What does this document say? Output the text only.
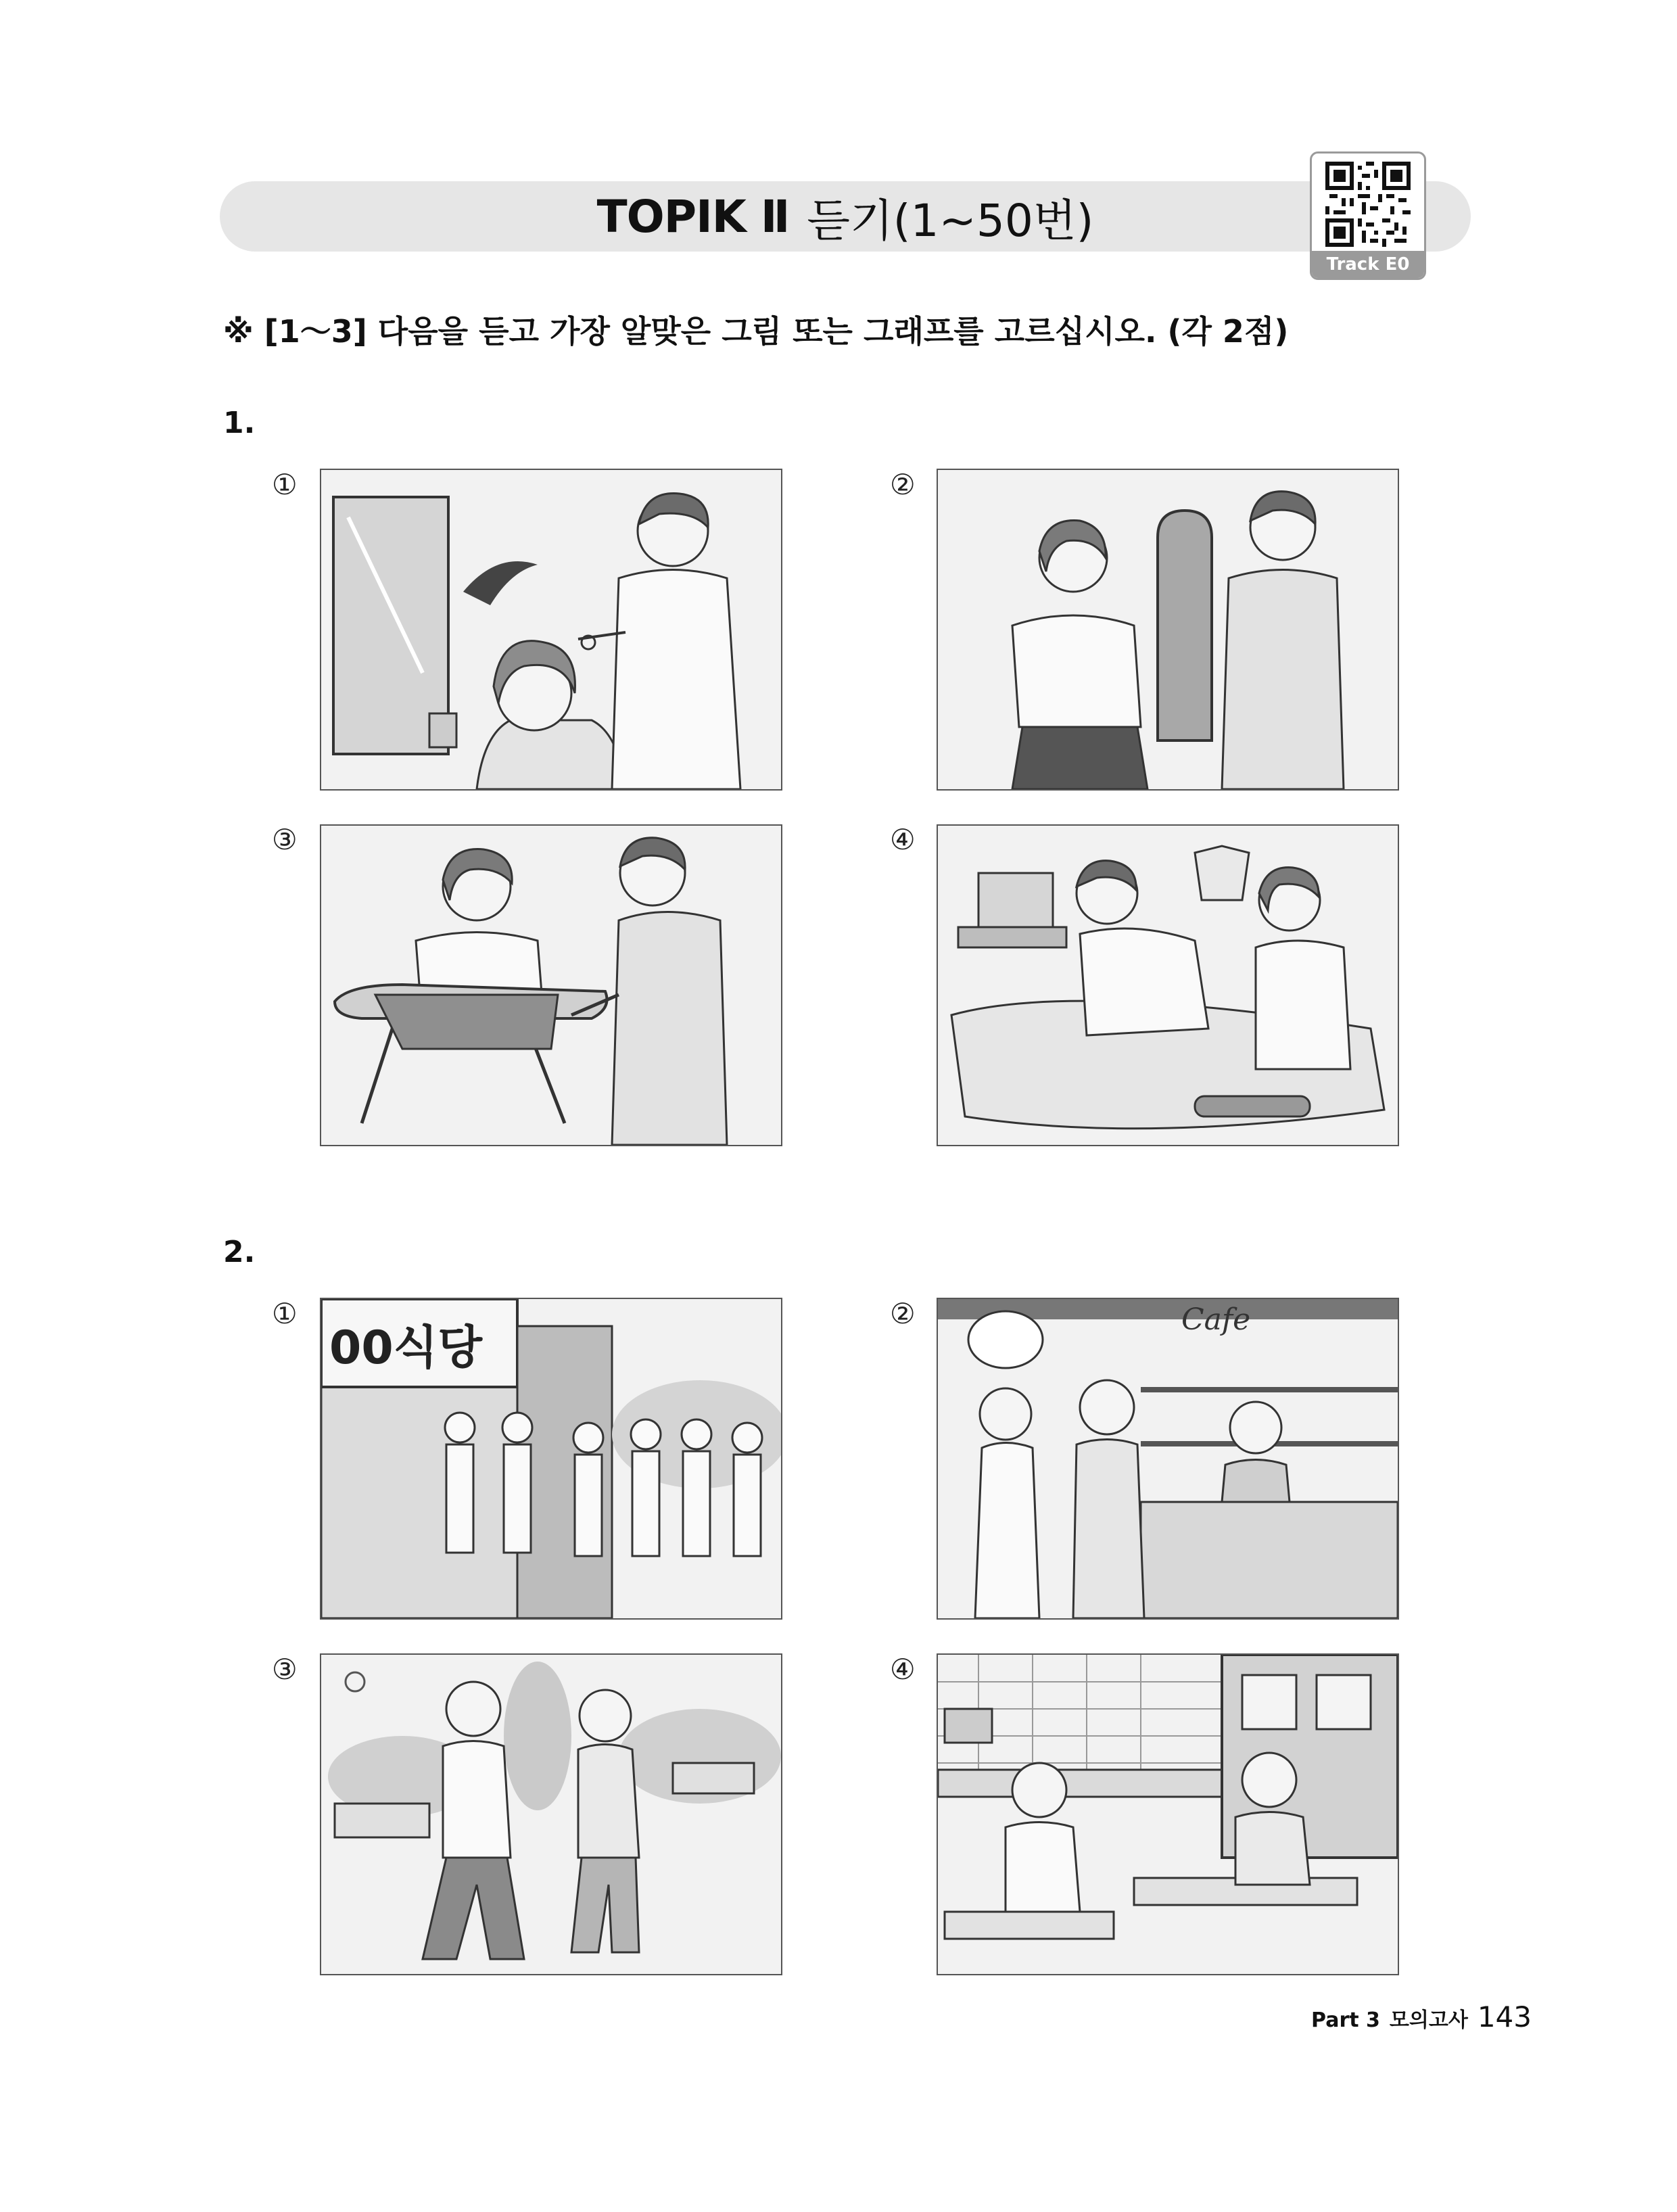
TOPIK Ⅱ 듣기(1~50번)
Track E0
※ [1～3] 다음을 듣고 가장 알맞은 그림 또는 그래프를 고르십시오. (각 2점)
1.
①	②
③	④
2.
①
00식당
②	Cafe
③	④
Part 3 모의고사 143
